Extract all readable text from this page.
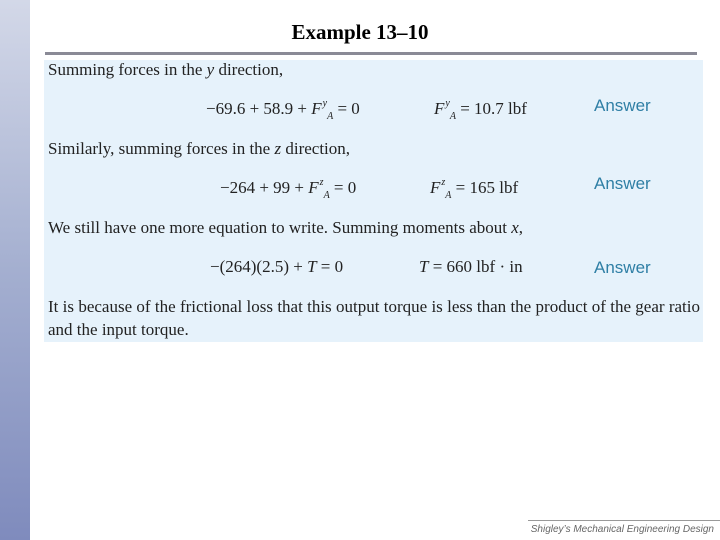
Example 13–10
Summing forces in the y direction,
$-69.6 + 58.9 + F^y_A = 0$	$F^y_A = 10.7$ lbf	Answer
Similarly, summing forces in the z direction,
$-264 + 99 + F^z_A = 0$	$F^z_A = 165$ lbf	Answer
We still have one more equation to write. Summing moments about x,
−(264)(2.5) + T = 0	T = 660 lbf · in	Answer
It is because of the frictional loss that this output torque is less than the product of the gear ratio and the input torque.
Shigley’s Mechanical Engineering Design
